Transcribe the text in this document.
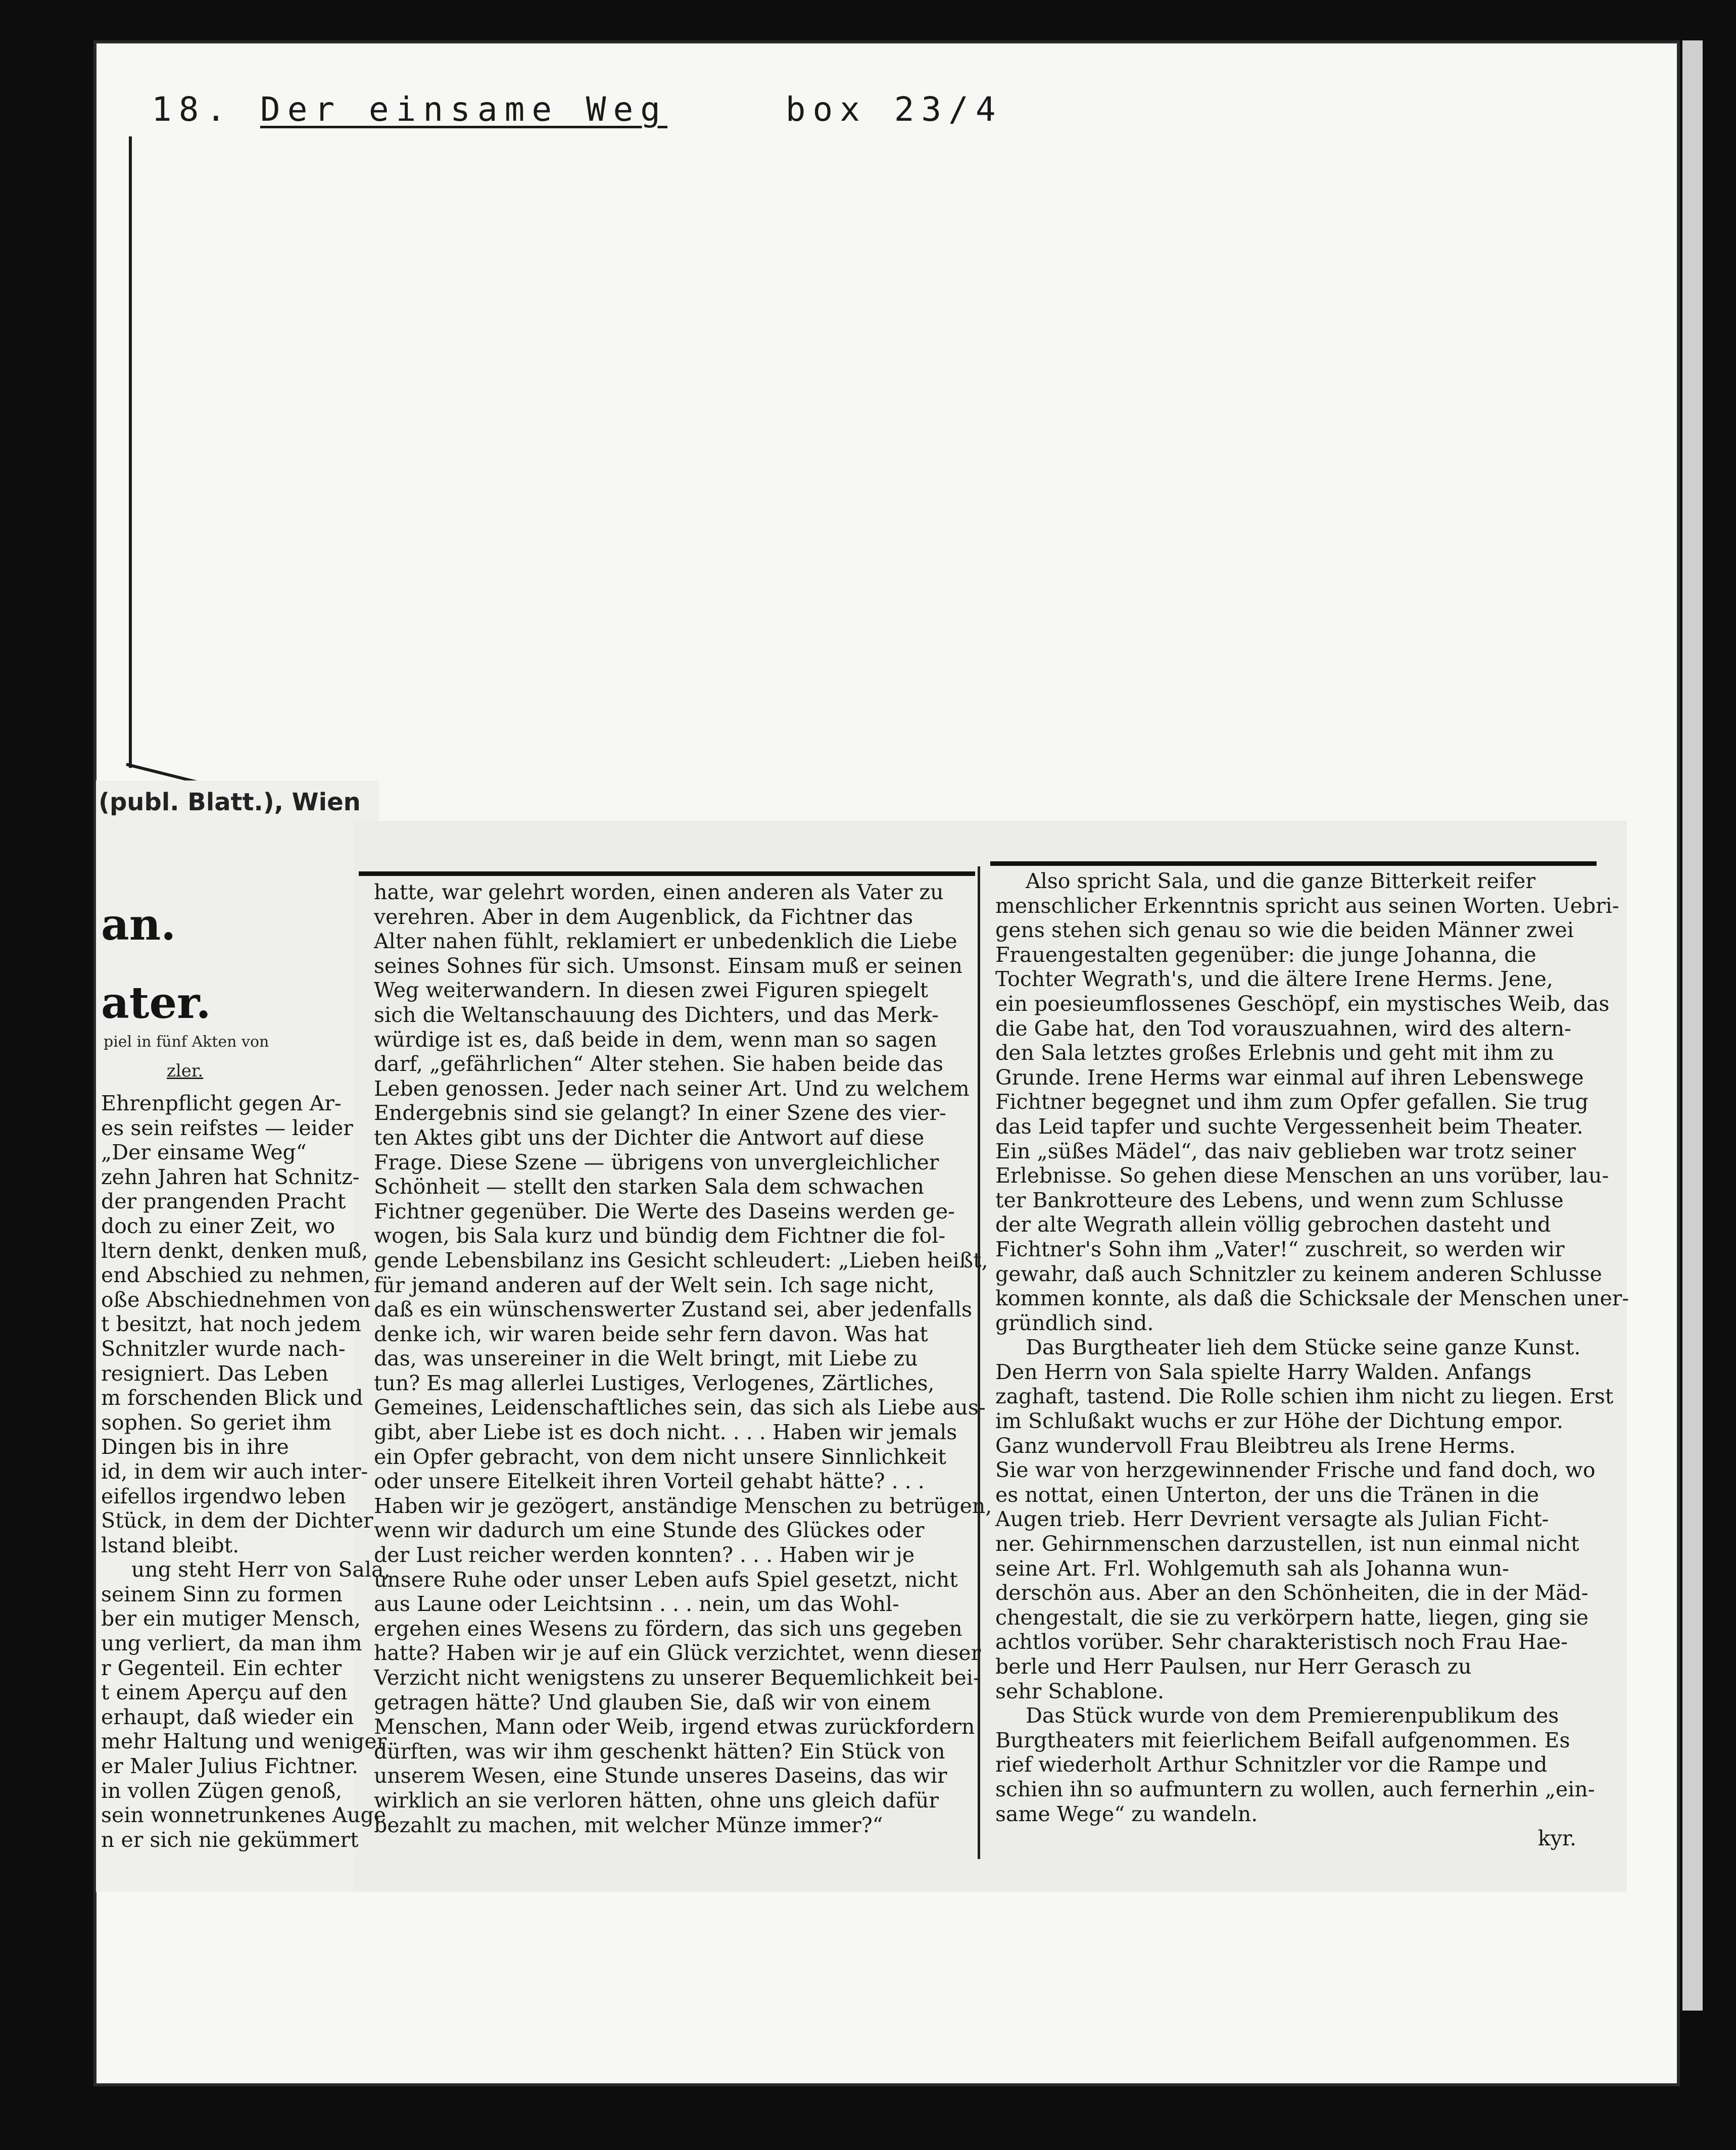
18. Der einsame Weg	box 23/4
(publ. Blatt.), Wien
an.
ater.
piel in fünf Akten von
zler.

Ehrenpflicht gegen Ar-

es sein reifstes — leider

„Der einsame Weg“

zehn Jahren hat Schnitz-

der prangenden Pracht

doch zu einer Zeit, wo

ltern denkt, denken muß,

end Abschied zu nehmen,

oße Abschiednehmen von

t besitzt, hat noch jedem

Schnitzler wurde nach-

resigniert. Das Leben

m forschenden Blick und

sophen. So geriet ihm

Dingen bis in ihre

id, in dem wir auch inter-

eifellos irgendwo leben

Stück, in dem der Dichter

lstand bleibt.

ung steht Herr von Sala,

seinem Sinn zu formen

ber ein mutiger Mensch,

ung verliert, da man ihm

r Gegenteil. Ein echter

t einem Aperçu auf den

erhaupt, daß wieder ein

mehr Haltung und weniger

er Maler Julius Fichtner.

in vollen Zügen genoß,

sein wonnetrunkenes Auge

n er sich nie gekümmert

hatte, war gelehrt worden, einen anderen als Vater zu

verehren. Aber in dem Augenblick, da Fichtner das

Alter nahen fühlt, reklamiert er unbedenklich die Liebe

seines Sohnes für sich. Umsonst. Einsam muß er seinen

Weg weiterwandern. In diesen zwei Figuren spiegelt

sich die Weltanschauung des Dichters, und das Merk-

würdige ist es, daß beide in dem, wenn man so sagen

darf, „gefährlichen“ Alter stehen. Sie haben beide das

Leben genossen. Jeder nach seiner Art. Und zu welchem

Endergebnis sind sie gelangt? In einer Szene des vier-

ten Aktes gibt uns der Dichter die Antwort auf diese

Frage. Diese Szene — übrigens von unvergleichlicher

Schönheit — stellt den starken Sala dem schwachen

Fichtner gegenüber. Die Werte des Daseins werden ge-

wogen, bis Sala kurz und bündig dem Fichtner die fol-

gende Lebensbilanz ins Gesicht schleudert: „Lieben heißt,

für jemand anderen auf der Welt sein. Ich sage nicht,

daß es ein wünschenswerter Zustand sei, aber jedenfalls

denke ich, wir waren beide sehr fern davon. Was hat

das, was unsereiner in die Welt bringt, mit Liebe zu

tun? Es mag allerlei Lustiges, Verlogenes, Zärtliches,

Gemeines, Leidenschaftliches sein, das sich als Liebe aus-

gibt, aber Liebe ist es doch nicht. . . . Haben wir jemals

ein Opfer gebracht, von dem nicht unsere Sinnlichkeit

oder unsere Eitelkeit ihren Vorteil gehabt hätte? . . .

Haben wir je gezögert, anständige Menschen zu betrügen,

wenn wir dadurch um eine Stunde des Glückes oder

der Lust reicher werden konnten? . . . Haben wir je

unsere Ruhe oder unser Leben aufs Spiel gesetzt, nicht

aus Laune oder Leichtsinn . . . nein, um das Wohl-

ergehen eines Wesens zu fördern, das sich uns gegeben

hatte? Haben wir je auf ein Glück verzichtet, wenn dieser

Verzicht nicht wenigstens zu unserer Bequemlichkeit bei-

getragen hätte? Und glauben Sie, daß wir von einem

Menschen, Mann oder Weib, irgend etwas zurückfordern

dürften, was wir ihm geschenkt hätten? Ein Stück von

unserem Wesen, eine Stunde unseres Daseins, das wir

wirklich an sie verloren hätten, ohne uns gleich dafür

bezahlt zu machen, mit welcher Münze immer?“

Also spricht Sala, und die ganze Bitterkeit reifer

menschlicher Erkenntnis spricht aus seinen Worten. Uebri-

gens stehen sich genau so wie die beiden Männer zwei

Frauengestalten gegenüber: die junge Johanna, die

Tochter Wegrath's, und die ältere Irene Herms. Jene,

ein poesieumflossenes Geschöpf, ein mystisches Weib, das

die Gabe hat, den Tod vorauszuahnen, wird des altern-

den Sala letztes großes Erlebnis und geht mit ihm zu

Grunde. Irene Herms war einmal auf ihren Lebenswege

Fichtner begegnet und ihm zum Opfer gefallen. Sie trug

das Leid tapfer und suchte Vergessenheit beim Theater.

Ein „süßes Mädel“, das naiv geblieben war trotz seiner

Erlebnisse. So gehen diese Menschen an uns vorüber, lau-

ter Bankrotteure des Lebens, und wenn zum Schlusse

der alte Wegrath allein völlig gebrochen dasteht und

Fichtner's Sohn ihm „Vater!“ zuschreit, so werden wir

gewahr, daß auch Schnitzler zu keinem anderen Schlusse

kommen konnte, als daß die Schicksale der Menschen uner-

gründlich sind.

Das Burgtheater lieh dem Stücke seine ganze Kunst.

Den Herrn von Sala spielte Harry Walden. Anfangs

zaghaft, tastend. Die Rolle schien ihm nicht zu liegen. Erst

im Schlußakt wuchs er zur Höhe der Dichtung empor.

Ganz wundervoll Frau Bleibtreu als Irene Herms.

Sie war von herzgewinnender Frische und fand doch, wo

es nottat, einen Unterton, der uns die Tränen in die

Augen trieb. Herr Devrient versagte als Julian Ficht-

ner. Gehirnmenschen darzustellen, ist nun einmal nicht

seine Art. Frl. Wohlgemuth sah als Johanna wun-

derschön aus. Aber an den Schönheiten, die in der Mäd-

chengestalt, die sie zu verkörpern hatte, liegen, ging sie

achtlos vorüber. Sehr charakteristisch noch Frau Hae-

berle und Herr Paulsen, nur Herr Gerasch zu

sehr Schablone.

Das Stück wurde von dem Premierenpublikum des

Burgtheaters mit feierlichem Beifall aufgenommen. Es

rief wiederholt Arthur Schnitzler vor die Rampe und

schien ihn so aufmuntern zu wollen, auch fernerhin „ein-

same Wege“ zu wandeln.

kyr.
